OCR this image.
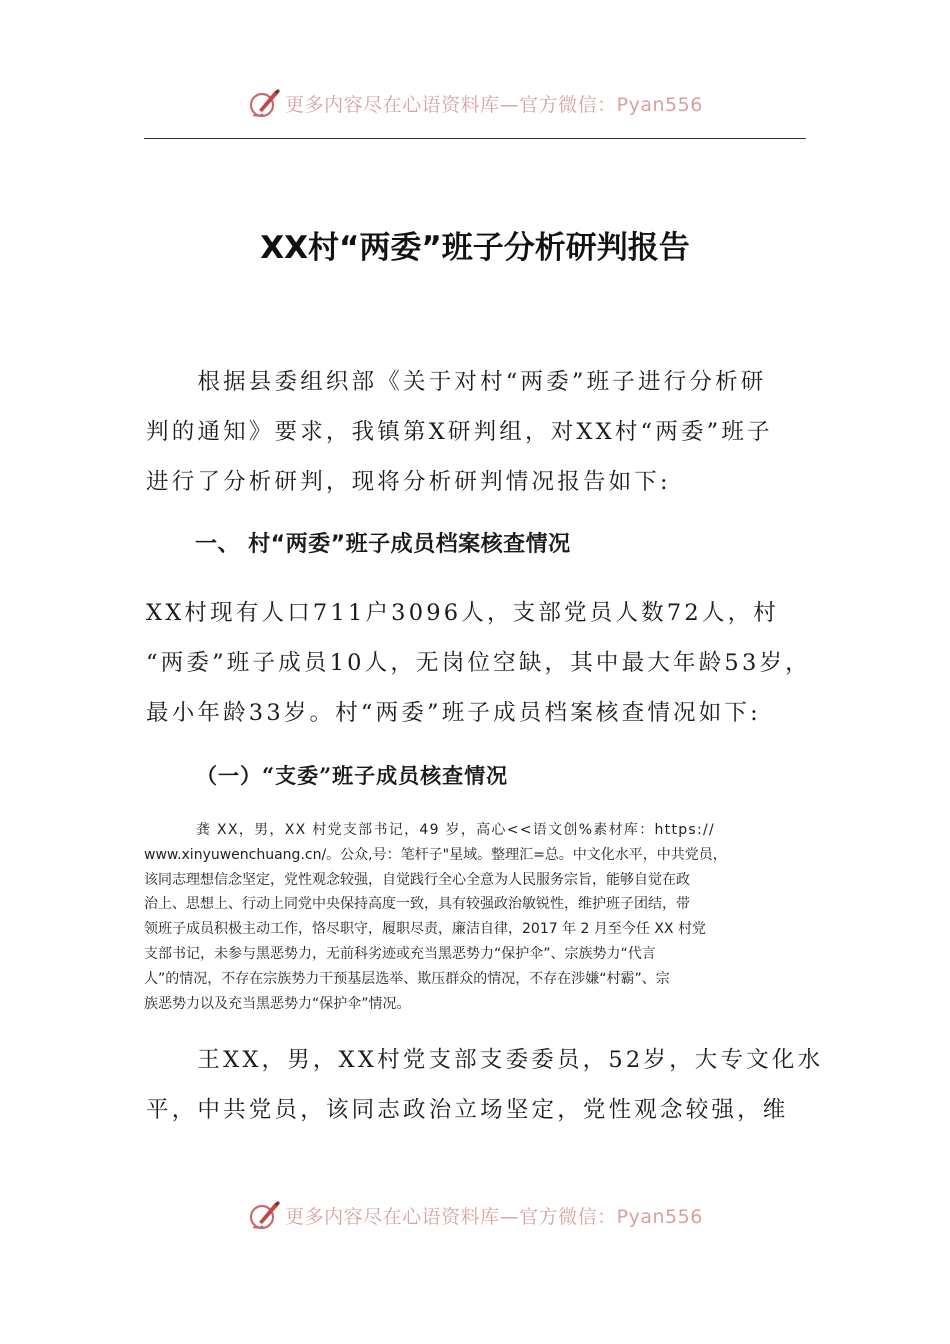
更多内容尽在心语资料库—官方微信：Pyan556
XX村“两委”班子分析研判报告
　　根据县委组织部《关于对村“两委”班子进行分析研
判的通知》要求，我镇第X研判组，对XX村“两委”班子
进行了分析研判，现将分析研判情况报告如下:
一、 村“两委”班子成员档案核查情况
XX村现有人口711户3096人，支部党员人数72人，村
“两委”班子成员10人，无岗位空缺，其中最大年龄53岁，
最小年龄33岁。村“两委”班子成员档案核查情况如下:
（一）“支委”班子成员核查情况
龚 XX，男，XX 村党支部书记，49 岁，高心<<语文创%素材库：https://
www.xinyuwenchuang.cn/。公众,号：笔杆子"星域。整理汇=总。中文化水平，中共党员，
该同志理想信念坚定，党性观念较强，自觉践行全心全意为人民服务宗旨，能够自觉在政
治上、思想上、行动上同党中央保持高度一致，具有较强政治敏锐性，维护班子团结，带
领班子成员积极主动工作，恪尽职守，履职尽责，廉洁自律，2017 年 2 月至今任 XX 村党
支部书记，未参与黑恶势力，无前科劣迹或充当黑恶势力“保护伞”、宗族势力“代言
人”的情况，不存在宗族势力干预基层选举、欺压群众的情况，不存在涉嫌“村霸”、宗
族恶势力以及充当黑恶势力“保护伞”情况。
　　王XX，男，XX村党支部支委委员，52岁，大专文化水
平，中共党员，该同志政治立场坚定，党性观念较强，维
更多内容尽在心语资料库—官方微信：Pyan556
